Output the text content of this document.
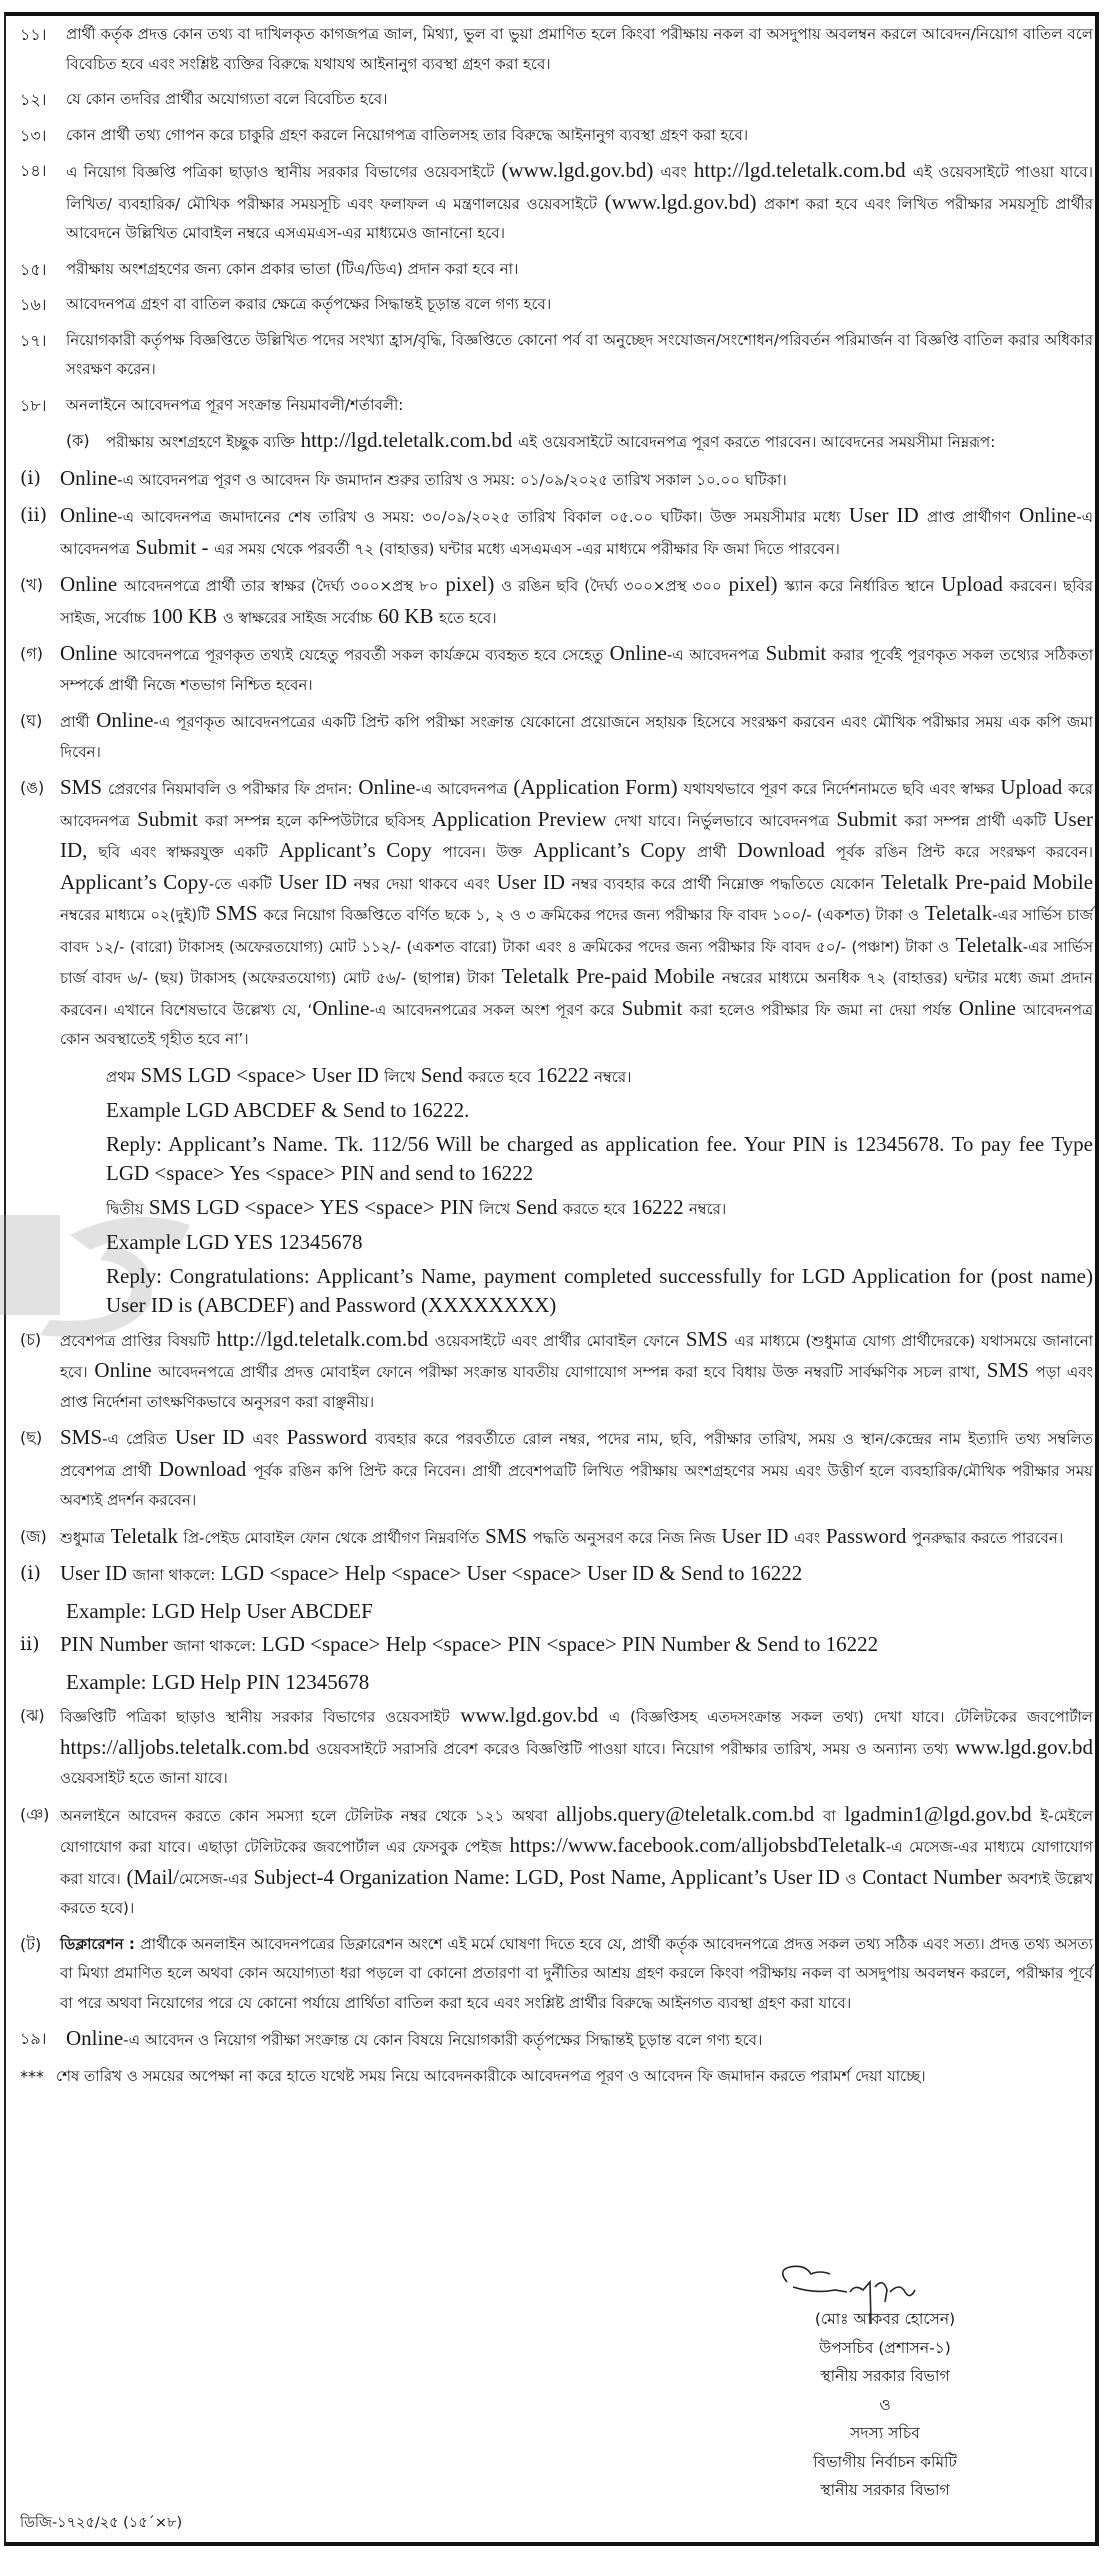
১১।	প্রার্থী কর্তৃক প্রদত্ত কোন তথ্য বা দাখিলকৃত কাগজপত্র জাল, মিথ্যা, ভুল বা ভুয়া প্রমাণিত হলে কিংবা পরীক্ষায় নকল বা অসদুপায় অবলম্বন করলে আবেদন/নিয়োগ বাতিল বলে বিবেচিত হবে এবং সংশ্লিষ্ট ব্যক্তির বিরুদ্ধে যথাযথ আইনানুগ ব্যবস্থা গ্রহণ করা হবে।
১২।	যে কোন তদবির প্রার্থীর অযোগ্যতা বলে বিবেচিত হবে।
১৩।	কোন প্রার্থী তথ্য গোপন করে চাকুরি গ্রহণ করলে নিয়োগপত্র বাতিলসহ তার বিরুদ্ধে আইনানুগ ব্যবস্থা গ্রহণ করা হবে।
১৪।	এ নিয়োগ বিজ্ঞপ্তি পত্রিকা ছাড়াও স্থানীয় সরকার বিভাগের ওয়েবসাইটে (www.lgd.gov.bd) এবং http://lgd.teletalk.com.bd এই ওয়েবসাইটে পাওয়া যাবে। লিখিত/ ব্যবহারিক/ মৌখিক পরীক্ষার সময়সূচি এবং ফলাফল এ মন্ত্রণালয়ের ওয়েবসাইটে (www.lgd.gov.bd) প্রকাশ করা হবে এবং লিখিত পরীক্ষার সময়সূচি প্রার্থীর আবেদনে উল্লিখিত মোবাইল নম্বরে এসএমএস-এর মাধ্যমেও জানানো হবে।
১৫।	পরীক্ষায় অংশগ্রহণের জন্য কোন প্রকার ভাতা (টিএ/ডিএ) প্রদান করা হবে না।
১৬।	আবেদনপত্র গ্রহণ বা বাতিল করার ক্ষেত্রে কর্তৃপক্ষের সিদ্ধান্তই চূড়ান্ত বলে গণ্য হবে।
১৭।	নিয়োগকারী কর্তৃপক্ষ বিজ্ঞপ্তিতে উল্লিখিত পদের সংখ্যা হ্রাস/বৃদ্ধি, বিজ্ঞপ্তিতে কোনো পর্ব বা অনুচ্ছেদ সংযোজন/সংশোধন/পরিবর্তন পরিমার্জন বা বিজ্ঞপ্তি বাতিল করার অধিকার সংরক্ষণ করেন।
১৮।	অনলাইনে আবেদনপত্র পূরণ সংক্রান্ত নিয়মাবলী/শর্তাবলী:
(ক)	পরীক্ষায় অংশগ্রহণে ইচ্ছুক ব্যক্তি http://lgd.teletalk.com.bd এই ওয়েবসাইটে আবেদনপত্র পূরণ করতে পারবেন। আবেদনের সময়সীমা নিম্নরূপ:
(i) Online-এ আবেদনপত্র পূরণ ও আবেদন ফি জমাদান শুরুর তারিখ ও সময়: ০১/০৯/২০২৫ তারিখ সকাল ১০.০০ ঘটিকা।
(ii) Online-এ আবেদনপত্র জমাদানের শেষ তারিখ ও সময়: ৩০/০৯/২০২৫ তারিখ বিকাল ০৫.০০ ঘটিকা। উক্ত সময়সীমার মধ্যে User ID প্রাপ্ত প্রার্থীগণ Online-এ আবেদনপত্র Submit - এর সময় থেকে পরবর্তী ৭২ (বাহাত্তর) ঘন্টার মধ্যে এসএমএস -এর মাধ্যমে পরীক্ষার ফি জমা দিতে পারবেন।
(খ) Online আবেদনপত্রে প্রার্থী তার স্বাক্ষর (দৈর্ঘ্য ৩০০×প্রস্থ ৮০ pixel) ও রঙিন ছবি (দৈর্ঘ্য ৩০০×প্রস্থ ৩০০ pixel) স্ক্যান করে নির্ধারিত স্থানে Upload করবেন। ছবির সাইজ, সর্বোচ্চ 100 KB ও স্বাক্ষরের সাইজ সর্বোচ্চ 60 KB হতে হবে।
(গ) Online আবেদনপত্রে পূরণকৃত তথ্যই যেহেতু পরবর্তী সকল কার্যক্রমে ব্যবহৃত হবে সেহেতু Online-এ আবেদনপত্র Submit করার পূর্বেই পূরণকৃত সকল তথ্যের সঠিকতা সম্পর্কে প্রার্থী নিজে শতভাগ নিশ্চিত হবেন।
(ঘ)	প্রার্থী Online-এ পূরণকৃত আবেদনপত্রের একটি প্রিন্ট কপি পরীক্ষা সংক্রান্ত যেকোনো প্রয়োজনে সহায়ক হিসেবে সংরক্ষণ করবেন এবং মৌখিক পরীক্ষার সময় এক কপি জমা দিবেন।
(ঙ) SMS প্রেরণের নিয়মাবলি ও পরীক্ষার ফি প্রদান: Online-এ আবেদনপত্র (Application Form) যথাযথভাবে পূরণ করে নির্দেশনামতে ছবি এবং স্বাক্ষর Upload করে আবেদনপত্র Submit করা সম্পন্ন হলে কম্পিউটারে ছবিসহ Application Preview দেখা যাবে। নির্ভুলভাবে আবেদনপত্র Submit করা সম্পন্ন প্রার্থী একটি User ID, ছবি এবং স্বাক্ষরযুক্ত একটি Applicant’s Copy পাবেন। উক্ত Applicant’s Copy প্রার্থী Download পূর্বক রঙিন প্রিন্ট করে সংরক্ষণ করবেন। Applicant’s Copy-তে একটি User ID নম্বর দেয়া থাকবে এবং User ID নম্বর ব্যবহার করে প্রার্থী নিম্নোক্ত পদ্ধতিতে যেকোন Teletalk Pre-paid Mobile নম্বরের মাধ্যমে ০২(দুই)টি SMS করে নিয়োগ বিজ্ঞপ্তিতে বর্ণিত ছকে ১, ২ ও ৩ ক্রমিকের পদের জন্য পরীক্ষার ফি বাবদ ১০০/- (একশত) টাকা ও Teletalk-এর সার্ভিস চার্জ বাবদ ১২/- (বারো) টাকাসহ (অফেরতযোগ্য) মোট ১১২/- (একশত বারো) টাকা এবং ৪ ক্রমিকের পদের জন্য পরীক্ষার ফি বাবদ ৫০/- (পঞ্চাশ) টাকা ও Teletalk-এর সার্ভিস চার্জ বাবদ ৬/- (ছয়) টাকাসহ (অফেরতযোগ্য) মোট ৫৬/- (ছাপান্ন) টাকা Teletalk Pre-paid Mobile নম্বরের মাধ্যমে অনধিক ৭২ (বাহাত্তর) ঘন্টার মধ্যে জমা প্রদান করবেন। এখানে বিশেষভাবে উল্লেখ্য যে, ‘Online-এ আবেদনপত্রের সকল অংশ পূরণ করে Submit করা হলেও পরীক্ষার ফি জমা না দেয়া পর্যন্ত Online আবেদনপত্র কোন অবস্থাতেই গৃহীত হবে না’।
প্রথম SMS LGD <space> User ID লিখে Send করতে হবে 16222 নম্বরে।
Example LGD ABCDEF & Send to 16222.
Reply: Applicant’s Name. Tk. 112/56 Will be charged as application fee. Your PIN is 12345678. To pay fee Type LGD <space> Yes <space> PIN and send to 16222
দ্বিতীয় SMS LGD <space> YES <space> PIN লিখে Send করতে হবে 16222 নম্বরে।
Example LGD YES 12345678
Reply: Congratulations: Applicant’s Name, payment completed successfully for LGD Application for (post name) User ID is (ABCDEF) and Password (XXXXXXXX)
(চ)	প্রবেশপত্র প্রাপ্তির বিষয়টি http://lgd.teletalk.com.bd ওয়েবসাইটে এবং প্রার্থীর মোবাইল ফোনে SMS এর মাধ্যমে (শুধুমাত্র যোগ্য প্রার্থীদেরকে) যথাসময়ে জানানো হবে। Online আবেদনপত্রে প্রার্থীর প্রদত্ত মোবাইল ফোনে পরীক্ষা সংক্রান্ত যাবতীয় যোগাযোগ সম্পন্ন করা হবে বিধায় উক্ত নম্বরটি সার্বক্ষণিক সচল রাখা, SMS পড়া এবং প্রাপ্ত নির্দেশনা তাৎক্ষণিকভাবে অনুসরণ করা বাঞ্ছনীয়।
(ছ) SMS-এ প্রেরিত User ID এবং Password ব্যবহার করে পরবর্তীতে রোল নম্বর, পদের নাম, ছবি, পরীক্ষার তারিখ, সময় ও স্থান/কেন্দ্রের নাম ইত্যাদি তথ্য সম্বলিত প্রবেশপত্র প্রার্থী Download পূর্বক রঙিন কপি প্রিন্ট করে নিবেন। প্রার্থী প্রবেশপত্রটি লিখিত পরীক্ষায় অংশগ্রহণের সময় এবং উত্তীর্ণ হলে ব্যবহারিক/মৌখিক পরীক্ষার সময় অবশ্যই প্রদর্শন করবেন।
(জ) শুধুমাত্র Teletalk প্রি-পেইড মোবাইল ফোন থেকে প্রার্থীগণ নিম্নবর্ণিত SMS পদ্ধতি অনুসরণ করে নিজ নিজ User ID এবং Password পুনরুদ্ধার করতে পারবেন।
(i) User ID জানা থাকলে: LGD <space> Help <space> User <space> User ID & Send to 16222
Example: LGD Help User ABCDEF
ii) PIN Number জানা থাকলে: LGD <space> Help <space> PIN <space> PIN Number & Send to 16222
Example: LGD Help PIN 12345678
(ঝ)	বিজ্ঞপ্তিটি পত্রিকা ছাড়াও স্থানীয় সরকার বিভাগের ওয়েবসাইট www.lgd.gov.bd এ (বিজ্ঞপ্তিসহ এতদসংক্রান্ত সকল তথ্য) দেখা যাবে। টেলিটকের জবপোর্টাল https://alljobs.teletalk.com.bd ওয়েবসাইটে সরাসরি প্রবেশ করেও বিজ্ঞপ্তিটি পাওয়া যাবে। নিয়োগ পরীক্ষার তারিখ, সময় ও অন্যান্য তথ্য www.lgd.gov.bd ওয়েবসাইট হতে জানা যাবে।
(ঞ) অনলাইনে আবেদন করতে কোন সমস্যা হলে টেলিটক নম্বর থেকে ১২১ অথবা alljobs.query@teletalk.com.bd বা lgadmin1@lgd.gov.bd ই-মেইলে যোগাযোগ করা যাবে। এছাড়া টেলিটকের জবপোর্টাল এর ফেসবুক পেইজ https://www.facebook.com/alljobsbdTeletalk-এ মেসেজ-এর মাধ্যমে যোগাযোগ করা যাবে। (Mail/মেসেজ-এর Subject-4 Organization Name: LGD, Post Name, Applicant’s User ID ও Contact Number অবশ্যই উল্লেখ করতে হবে)।
(ট)	ডিক্লারেশন : প্রার্থীকে অনলাইন আবেদনপত্রের ডিক্লারেশন অংশে এই মর্মে ঘোষণা দিতে হবে যে, প্রার্থী কর্তৃক আবেদনপত্রে প্রদত্ত সকল তথ্য সঠিক এবং সত্য। প্রদত্ত তথ্য অসত্য বা মিথ্যা প্রমাণিত হলে অথবা কোন অযোগ্যতা ধরা পড়লে বা কোনো প্রতারণা বা দুর্নীতির আশ্রয় গ্রহণ করলে কিংবা পরীক্ষায় নকল বা অসদুপায় অবলম্বন করলে, পরীক্ষার পূর্বে বা পরে অথবা নিয়োগের পরে যে কোনো পর্যায়ে প্রার্থিতা বাতিল করা হবে এবং সংশ্লিষ্ট প্রার্থীর বিরুদ্ধে আইনগত ব্যবস্থা গ্রহণ করা যাবে।
১৯। Online-এ আবেদন ও নিয়োগ পরীক্ষা সংক্রান্ত যে কোন বিষয়ে নিয়োগকারী কর্তৃপক্ষের সিদ্ধান্তই চূড়ান্ত বলে গণ্য হবে।
*** শেষ তারিখ ও সময়ের অপেক্ষা না করে হাতে যথেষ্ট সময় নিয়ে আবেদনকারীকে আবেদনপত্র পূরণ ও আবেদন ফি জমাদান করতে পরামর্শ দেয়া যাচ্ছে।
(মোঃ আকবর হোসেন)
উপসচিব (প্রশাসন-১)
স্থানীয় সরকার বিভাগ
ও
সদস্য সচিব
বিভাগীয় নির্বাচন কমিটি
স্থানীয় সরকার বিভাগ
ডিজি-১৭২৫/২৫ (১৫´×৮)
